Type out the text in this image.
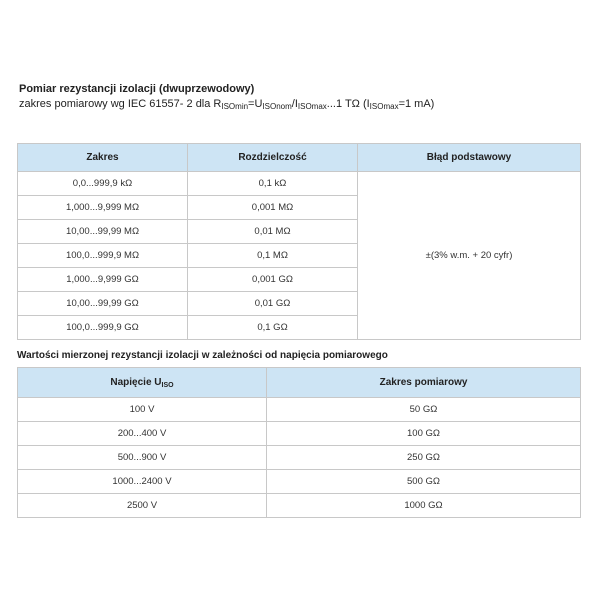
Pomiar rezystancji izolacji (dwuprzewodowy)
zakres pomiarowy wg IEC 61557- 2 dla $R_{ISOmin}=U_{ISOnom}/I_{ISOmax}...1$ TΩ ($I_{ISOmax}=1$ mA)
Zakres	Rozdzielczość	Błąd podstawowy
0,0...999,9 kΩ	0,1 kΩ	±(3% w.m. + 20 cyfr)
1,000...9,999 MΩ	0,001 MΩ	
10,00...99,99 MΩ	0,01 MΩ	
100,0...999,9 MΩ	0,1 MΩ	
1,000...9,999 GΩ	0,001 GΩ	
10,00...99,99 GΩ	0,01 GΩ	
100,0...999,9 GΩ	0,1 GΩ	
Wartości mierzonej rezystancji izolacji w zależności od napięcia pomiarowego
Napięcie $U_{ISO}$	Zakres pomiarowy
100 V	50 GΩ
200...400 V	100 GΩ
500...900 V	250 GΩ
1000...2400 V	500 GΩ
2500 V	1000 GΩ
